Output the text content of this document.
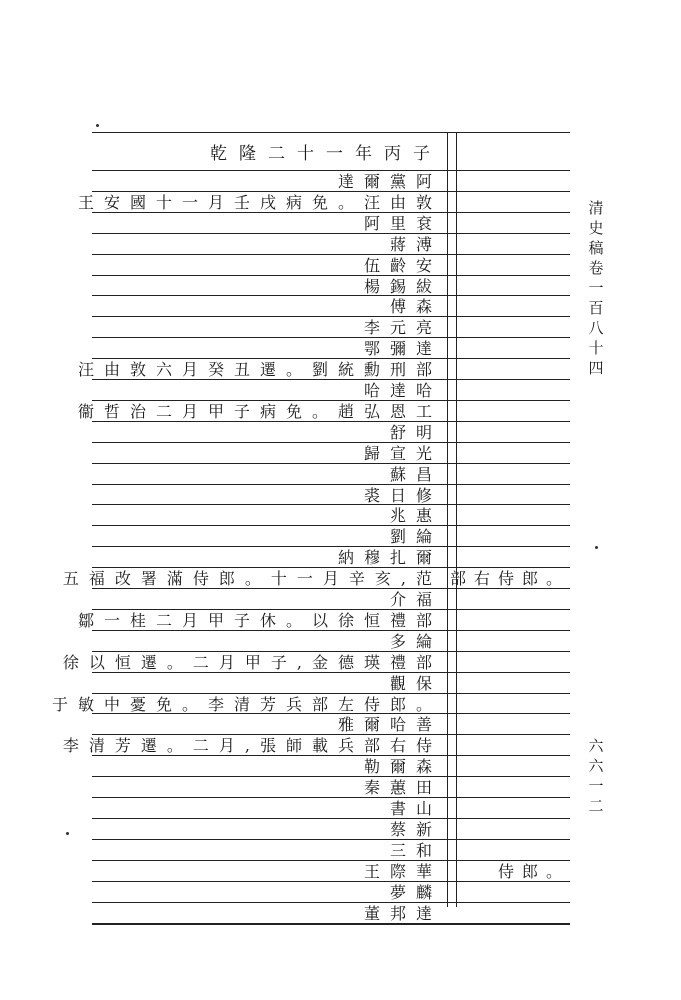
達爾黨阿
王安國十一月壬戌病免。汪由敦
阿里袞
蔣溥
伍齡安
楊錫紱
傅森
李元亮
鄂彌達
汪由敦六月癸丑遷。劉統勳刑部
哈達哈
衞哲治二月甲子病免。趙弘恩工
舒明
歸宣光
蘇昌
裘日修
兆惠
劉綸
納穆扎爾
五福改署滿侍郎。十一月辛亥,范 部右侍郎。
介福
鄒一桂二月甲子休。以徐恒禮部
多綸
徐以恒遷。二月甲子,金德瑛禮部
觀保
于敏中憂免。李清芳兵部左侍郎。
雅爾哈善
李清芳遷。二月,張師載兵部右侍
勒爾森
秦蕙田
書山
蔡新
三和
王際華	侍郎。
夢麟
董邦達
乾隆二十一年丙子
清
史
稿
卷
一
百
八
十
四
六
六
一
二
